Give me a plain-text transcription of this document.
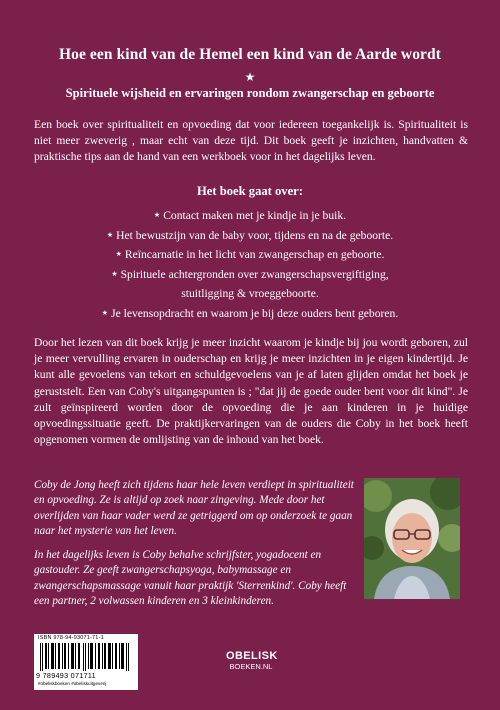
Hoe een kind van de Hemel een kind van de Aarde wordt
★
Spirituele wijsheid en ervaringen rondom zwangerschap en geboorte
Een boek over spiritualiteit en opvoeding dat voor iedereen toegankelijk is. Spiritualiteit is niet meer zweverig , maar echt van deze tijd. Dit boek geeft je inzichten, handvatten & praktische tips aan de hand van een werkboek voor in het dagelijks leven.
Het boek gaat over:
★ Contact maken met je kindje in je buik.
★ Het bewustzijn van de baby voor, tijdens en na de geboorte.
★ Reïncarnatie in het licht van zwangerschap en geboorte.
★ Spirituele achtergronden over zwangerschapsvergiftiging,
stuitligging & vroeggeboorte.
★ Je levensopdracht en waarom je bij deze ouders bent geboren.
Door het lezen van dit boek krijg je meer inzicht waarom je kindje bij jou wordt geboren, zul je meer vervulling ervaren in ouderschap en krijg je meer inzichten in je eigen kindertijd. Je kunt alle gevoelens van tekort en schuldgevoelens van je af laten glijden omdat het boek je geruststelt. Een van Coby's uitgangspunten is ; "dat jij de goede ouder bent voor dit kind". Je zult geïnspireerd worden door de opvoeding die je aan kinderen in je huidige opvoedingssituatie geeft. De praktijkervaringen van de ouders die Coby in het boek heeft opgenomen vormen de omlijsting van de inhoud van het boek.
Coby de Jong heeft zich tijdens haar hele leven verdiept in spiritualiteit en opvoeding. Ze is altijd op zoek naar zingeving. Mede door het overlijden van haar vader werd ze getriggerd om op onderzoek te gaan naar het mysterie van het leven.
In het dagelijks leven is Coby behalve schrijfster, yogadocent en gastouder. Ze geeft zwangerschapsyoga, babymassage en zwangerschapsmassage vanuit haar praktijk 'Sterrenkind'. Coby heeft een partner, 2 volwassen kinderen en 3 kleinkinderen.
ISBN 978-94-93071-71-1
9 789493 071711
#obeliskboeken #obeliskuitgeverij
OBELISK
BOEKEN.NL
